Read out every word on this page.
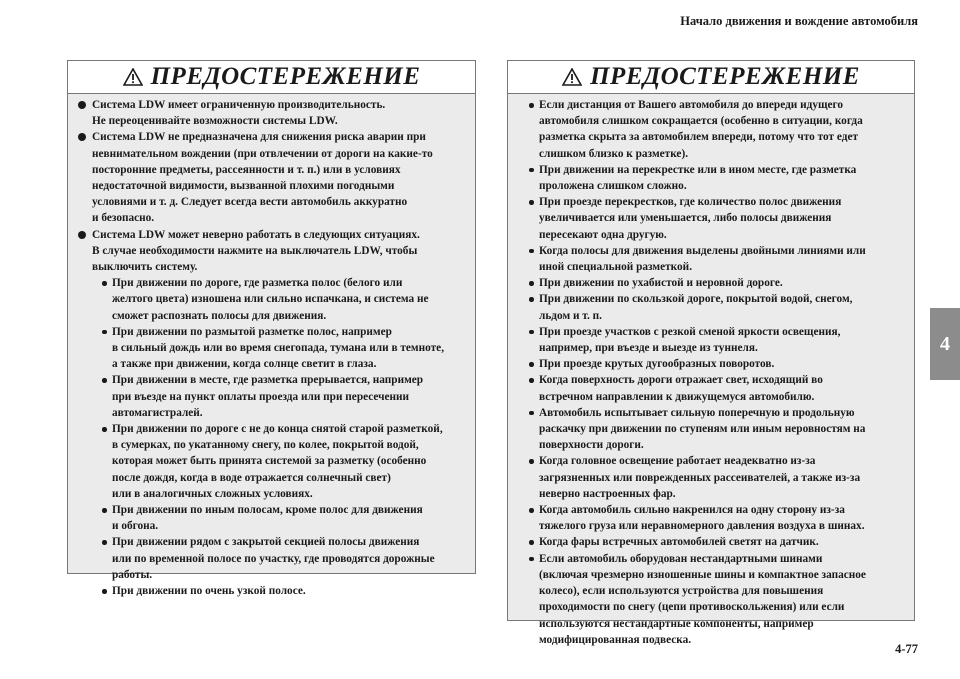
Начало движения и вождение автомобиля
4
ПРЕДОСТЕРЕЖЕНИЕ
Система LDW имеет ограниченную производительность.
Не переоценивайте возможности системы LDW.
Система LDW не предназначена для снижения риска аварии при
невнимательном вождении (при отвлечении от дороги на какие-то
посторонние предметы, рассеянности и т. п.) или в условиях
недостаточной видимости, вызванной плохими погодными
условиями и т. д. Следует всегда вести автомобиль аккуратно
и безопасно.
Система LDW может неверно работать в следующих ситуациях.
В случае необходимости нажмите на выключатель LDW, чтобы
выключить систему.
При движении по дороге, где разметка полос (белого или
желтого цвета) изношена или сильно испачкана, и система не
сможет распознать полосы для движения.
При движении по размытой разметке полос, например
в сильный дождь или во время снегопада, тумана или в темноте,
а также при движении, когда солнце светит в глаза.
При движении в месте, где разметка прерывается, например
при въезде на пункт оплаты проезда или при пересечении
автомагистралей.
При движении по дороге с не до конца снятой старой разметкой,
в сумерках, по укатанному снегу, по колее, покрытой водой,
которая может быть принята системой за разметку (особенно
после дождя, когда в воде отражается солнечный свет)
или в аналогичных сложных условиях.
При движении по иным полосам, кроме полос для движения
и обгона.
При движении рядом с закрытой секцией полосы движения
или по временной полосе по участку, где проводятся дорожные
работы.
При движении по очень узкой полосе.
ПРЕДОСТЕРЕЖЕНИЕ
Если дистанция от Вашего автомобиля до впереди идущего
автомобиля слишком сокращается (особенно в ситуации, когда
разметка скрыта за автомобилем впереди, потому что тот едет
слишком близко к разметке).
При движении на перекрестке или в ином месте, где разметка
проложена слишком сложно.
При проезде перекрестков, где количество полос движения
увеличивается или уменьшается, либо полосы движения
пересекают одна другую.
Когда полосы для движения выделены двойными линиями или
иной специальной разметкой.
При движении по ухабистой и неровной дороге.
При движении по скользкой дороге, покрытой водой, снегом,
льдом и т. п.
При проезде участков с резкой сменой яркости освещения,
например, при въезде и выезде из туннеля.
При проезде крутых дугообразных поворотов.
Когда поверхность дороги отражает свет, исходящий во
встречном направлении к движущемуся автомобилю.
Автомобиль испытывает сильную поперечную и продольную
раскачку при движении по ступеням или иным неровностям на
поверхности дороги.
Когда головное освещение работает неадекватно из-за
загрязненных или поврежденных рассеивателей, а также из-за
неверно настроенных фар.
Когда автомобиль сильно накренился на одну сторону из-за
тяжелого груза или неравномерного давления воздуха в шинах.
Когда фары встречных автомобилей светят на датчик.
Если автомобиль оборудован нестандартными шинами
(включая чрезмерно изношенные шины и компактное запасное
колесо), если используются устройства для повышения
проходимости по снегу (цепи противоскольжения) или если
используются нестандартные компоненты, например
модифицированная подвеска.
4-77
